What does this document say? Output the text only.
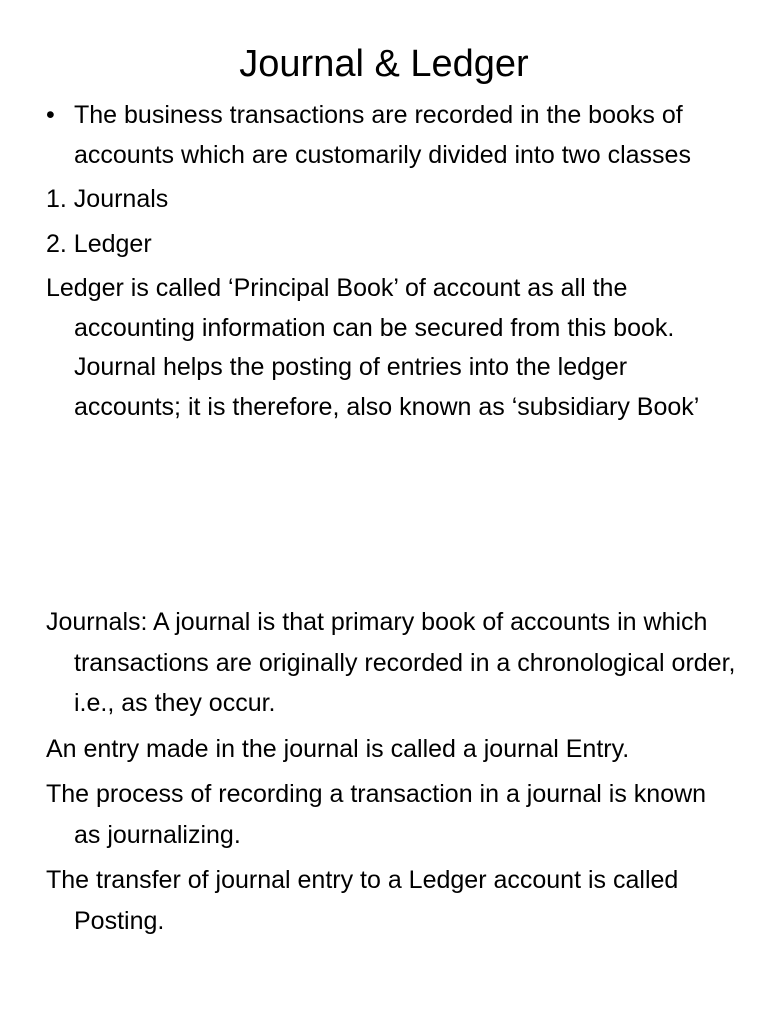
Journal & Ledger
• The business transactions are recorded in the books of accounts which are customarily divided into two classes

1. Journals

2. Ledger

Ledger is called ‘Principal Book’ of account as all the accounting information can be secured from this book. Journal helps the posting of entries into the ledger accounts; it is therefore, also known as ‘subsidiary Book’

Journals: A journal is that primary book of accounts in which transactions are originally recorded in a chronological order, i.e., as they occur.

An entry made in the journal is called a journal Entry.

The process of recording a transaction in a journal is known as journalizing.

The transfer of journal entry to a Ledger account is called Posting.
